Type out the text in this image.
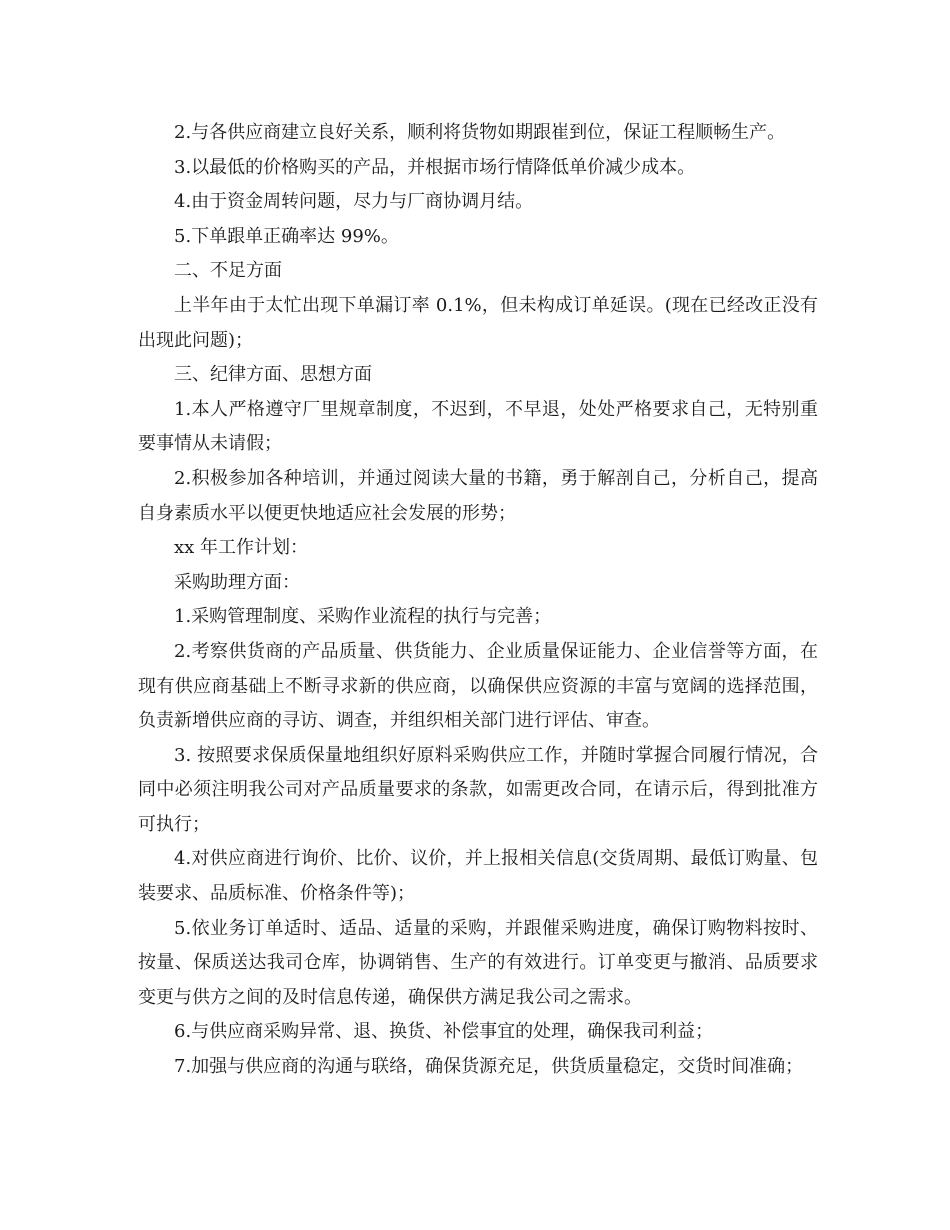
2.与各供应商建立良好关系，顺利将货物如期跟崔到位，保证工程顺畅生产。

3.以最低的价格购买的产品，并根据市场行情降低单价减少成本。

4.由于资金周转问题，尽力与厂商协调月结。

5.下单跟单正确率达 99%。

二、不足方面

上半年由于太忙出现下单漏订率 0.1%，但未构成订单延误。(现在已经改正没有出现此问题)；

三、纪律方面、思想方面

1.本人严格遵守厂里规章制度，不迟到，不早退，处处严格要求自己，无特别重要事情从未请假；

2.积极参加各种培训，并通过阅读大量的书籍，勇于解剖自己，分析自己，提高自身素质水平以便更快地适应社会发展的形势；

xx 年工作计划：

采购助理方面：

1.采购管理制度、采购作业流程的执行与完善；

2.考察供货商的产品质量、供货能力、企业质量保证能力、企业信誉等方面，在现有供应商基础上不断寻求新的供应商，以确保供应资源的丰富与宽阔的选择范围，负责新增供应商的寻访、调查，并组织相关部门进行评估、审查。

3. 按照要求保质保量地组织好原料采购供应工作，并随时掌握合同履行情况，合同中必须注明我公司对产品质量要求的条款，如需更改合同，在请示后，得到批准方可执行；

4.对供应商进行询价、比价、议价，并上报相关信息(交货周期、最低订购量、包装要求、品质标准、价格条件等)；

5.依业务订单适时、适品、适量的采购，并跟催采购进度，确保订购物料按时、按量、保质送达我司仓库，协调销售、生产的有效进行。订单变更与撤消、品质要求变更与供方之间的及时信息传递，确保供方满足我公司之需求。

6.与供应商采购异常、退、换货、补偿事宜的处理，确保我司利益；

7.加强与供应商的沟通与联络，确保货源充足，供货质量稳定，交货时间准确；
